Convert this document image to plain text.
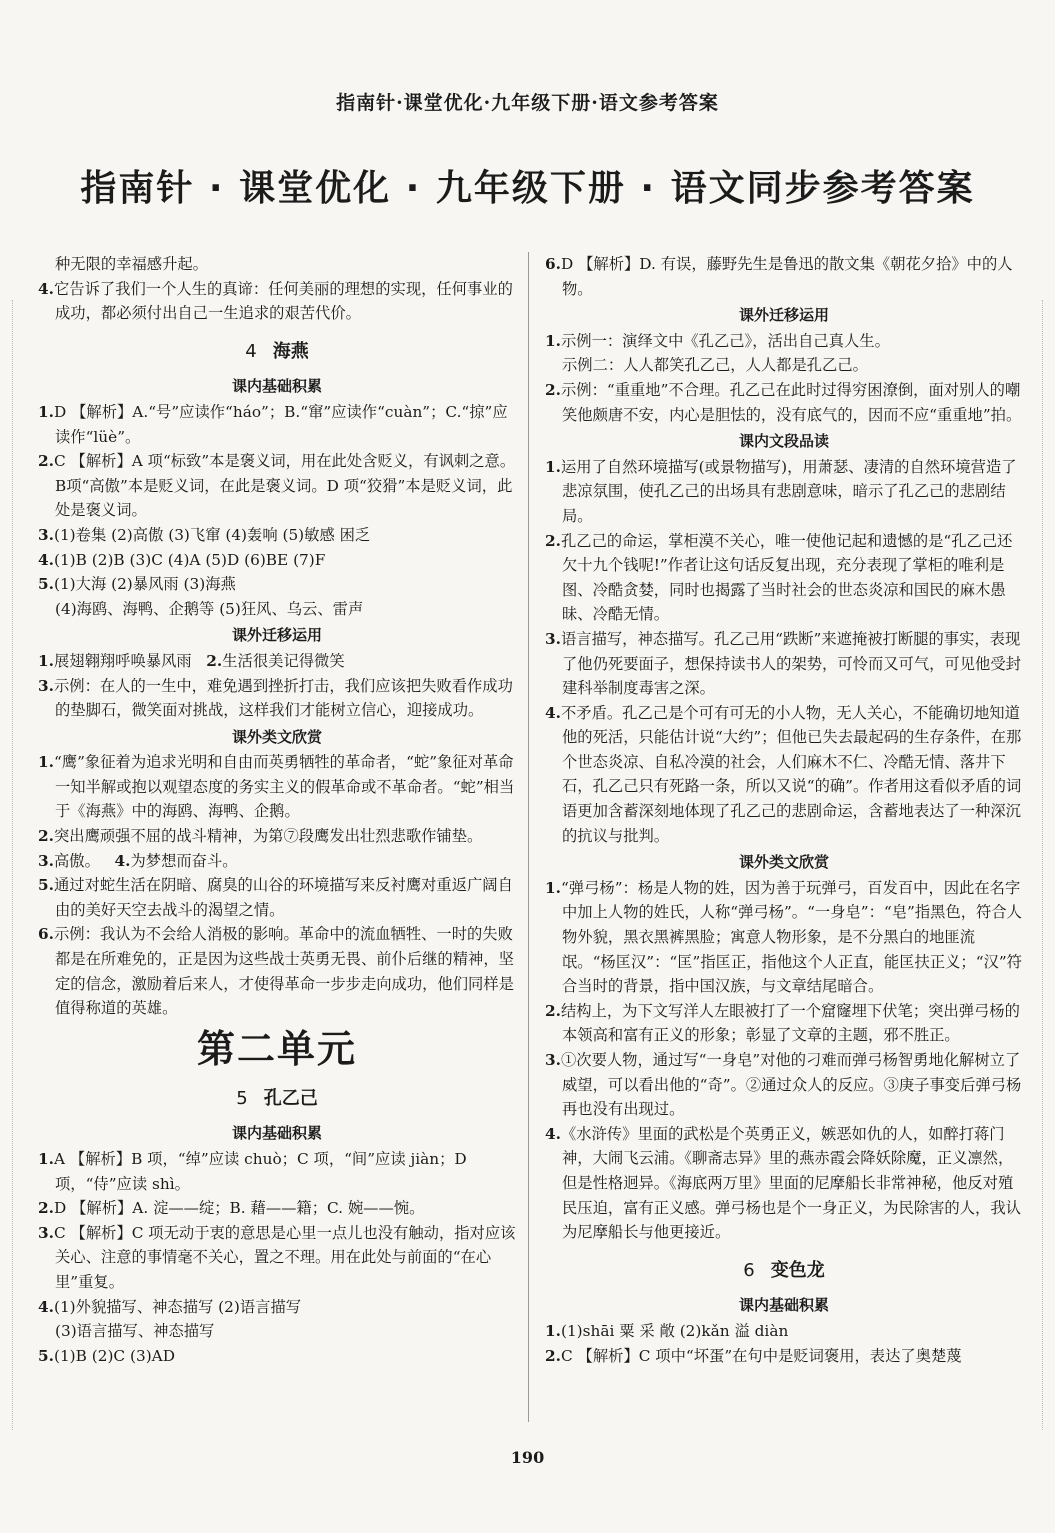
指南针·课堂优化·九年级下册·语文参考答案
指南针 · 课堂优化 · 九年级下册 · 语文同步参考答案

种无限的幸福感升起。

4.它告诉了我们一个人生的真谛：任何美丽的理想的实现，任何事业的成功，都必须付出自己一生追求的艰苦代价。

4 海燕
课内基础积累

1.D 【解析】A.“号”应读作“háo”；B.“窜”应读作“cuàn”；C.“掠”应读作“lüè”。

2.C 【解析】A 项“标致”本是褒义词，用在此处含贬义，有讽刺之意。B项“高傲”本是贬义词，在此是褒义词。D 项“狡猾”本是贬义词，此处是褒义词。

3.(1)卷集 (2)高傲 (3)飞窜 (4)轰响 (5)敏感 困乏

4.(1)B (2)B (3)C (4)A (5)D (6)BE (7)F

5.(1)大海 (2)暴风雨 (3)海燕

(4)海鸥、海鸭、企鹅等 (5)狂风、乌云、雷声

课外迁移运用

1.展翅翱翔呼唤暴风雨 2.生活很美记得微笑

3.示例：在人的一生中，难免遇到挫折打击，我们应该把失败看作成功的垫脚石，微笑面对挑战，这样我们才能树立信心，迎接成功。

课外类文欣赏

1.“鹰”象征着为追求光明和自由而英勇牺牲的革命者，“蛇”象征对革命一知半解或抱以观望态度的务实主义的假革命或不革命者。“蛇”相当于《海燕》中的海鸥、海鸭、企鹅。

2.突出鹰顽强不屈的战斗精神，为第⑦段鹰发出壮烈悲歌作铺垫。

3.高傲。 4.为梦想而奋斗。

5.通过对蛇生活在阴暗、腐臭的山谷的环境描写来反衬鹰对重返广阔自由的美好天空去战斗的渴望之情。

6.示例：我认为不会给人消极的影响。革命中的流血牺牲、一时的失败都是在所难免的，正是因为这些战士英勇无畏、前仆后继的精神，坚定的信念，激励着后来人，才使得革命一步步走向成功，他们同样是值得称道的英雄。

第二单元
5 孔乙己
课内基础积累

1.A 【解析】B 项，“绰”应读 chuò；C 项，“间”应读 jiàn；D 项，“侍”应读 shì。

2.D 【解析】A. 淀——绽；B. 藉——籍；C. 婉——惋。

3.C 【解析】C 项无动于衷的意思是心里一点儿也没有触动，指对应该关心、注意的事情毫不关心，置之不理。用在此处与前面的“在心里”重复。

4.(1)外貌描写、神态描写 (2)语言描写

(3)语言描写、神态描写

5.(1)B (2)C (3)AD

6.D 【解析】D. 有误，藤野先生是鲁迅的散文集《朝花夕拾》中的人物。

课外迁移运用

1.示例一：演绎文中《孔乙己》，活出自己真人生。

示例二：人人都笑孔乙己，人人都是孔乙己。

2.示例：“重重地”不合理。孔乙己在此时过得穷困潦倒，面对别人的嘲笑他颇唐不安，内心是胆怯的，没有底气的，因而不应“重重地”拍。

课内文段品读

1.运用了自然环境描写(或景物描写)，用萧瑟、凄清的自然环境营造了悲凉氛围，使孔乙己的出场具有悲剧意味，暗示了孔乙己的悲剧结局。

2.孔乙己的命运，掌柜漠不关心，唯一使他记起和遗憾的是“孔乙己还欠十九个钱呢!”作者让这句话反复出现，充分表现了掌柜的唯利是图、冷酷贪婪，同时也揭露了当时社会的世态炎凉和国民的麻木愚昧、冷酷无情。

3.语言描写，神态描写。孔乙己用“跌断”来遮掩被打断腿的事实，表现了他仍死要面子，想保持读书人的架势，可怜而又可气，可见他受封建科举制度毒害之深。

4.不矛盾。孔乙己是个可有可无的小人物，无人关心，不能确切地知道他的死活，只能估计说“大约”；但他已失去最起码的生存条件，在那个世态炎凉、自私冷漠的社会，人们麻木不仁、冷酷无情、落井下石，孔乙己只有死路一条，所以又说“的确”。作者用这看似矛盾的词语更加含蓄深刻地体现了孔乙己的悲剧命运，含蓄地表达了一种深沉的抗议与批判。

课外类文欣赏

1.“弹弓杨”：杨是人物的姓，因为善于玩弹弓，百发百中，因此在名字中加上人物的姓氏，人称“弹弓杨”。“一身皂”：“皂”指黑色，符合人物外貌，黑衣黑裤黑脸；寓意人物形象，是不分黑白的地匪流氓。“杨匡汉”：“匡”指匡正，指他这个人正直，能匡扶正义；“汉”符合当时的背景，指中国汉族，与文章结尾暗合。

2.结构上，为下文写洋人左眼被打了一个窟窿埋下伏笔；突出弹弓杨的本领高和富有正义的形象；彰显了文章的主题，邪不胜正。

3.①次要人物，通过写“一身皂”对他的刁难而弹弓杨智勇地化解树立了威望，可以看出他的“奇”。②通过众人的反应。③庚子事变后弹弓杨再也没有出现过。

4.《水浒传》里面的武松是个英勇正义，嫉恶如仇的人，如醉打蒋门神，大闹飞云浦。《聊斋志异》里的燕赤霞会降妖除魔，正义凛然，但是性格迥异。《海底两万里》里面的尼摩船长非常神秘，他反对殖民压迫，富有正义感。弹弓杨也是个一身正义，为民除害的人，我认为尼摩船长与他更接近。

6 变色龙
课内基础积累

1.(1)shāi 粟 采 敞 (2)kǎn 溢 diàn

2.C 【解析】C 项中“坏蛋”在句中是贬词褒用，表达了奥楚蔑

190
